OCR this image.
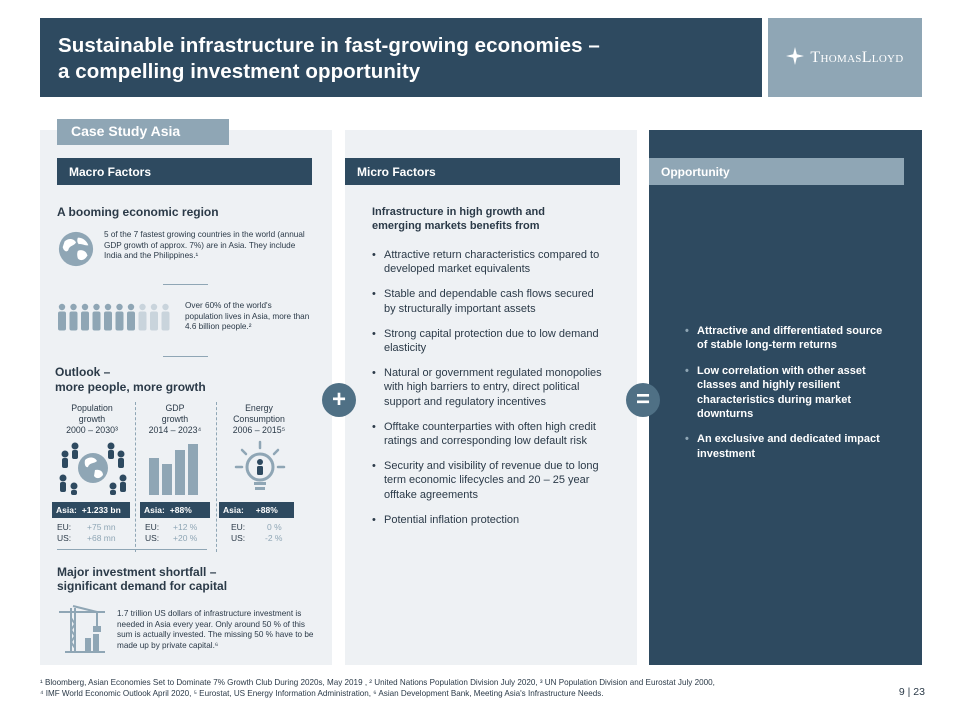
Sustainable infrastructure in fast-growing economies –
a compelling investment opportunity
ThomasLloyd
Case Study Asia
Macro Factors	Micro Factors	Opportunity
A booming economic region
5 of the 7 fastest growing countries in the world (annual GDP growth of approx. 7%) are in Asia. They include India and the Philippines.¹
Over 60% of the world's population lives in Asia, more than 4.6 billion people.²
Outlook –
more people, more growth
Population
growth
2000 – 2030³
Asia: +1.233 bn
EU: +75 mn
US: +68 mn
GDP
growth
2014 – 2023⁴
Asia: +88%
EU: +12 %
US: +20 %
Energy
Consumption
2006 – 2015⁵
Asia: +88%
EU:	0 %
US: -2 %
Major investment shortfall –
significant demand for capital
1.7 trillion US dollars of infrastructure investment is needed in Asia every year. Only around 50 % of this sum is actually invested. The missing 50 % have to be made up by private capital.⁶
Infrastructure in high growth and emerging markets benefits from
• Attractive return characteristics compared to developed market equivalents
• Stable and dependable cash flows secured by structurally important assets
• Strong capital protection due to low demand elasticity
• Natural or government regulated monopolies with high barriers to entry, direct political support and regulatory incentives
• Offtake counterparties with often high credit ratings and corresponding low default risk
• Security and visibility of revenue due to long term economic lifecycles and 20 – 25 year offtake agreements
• Potential inflation protection
+	=
• Attractive and differentiated source of stable long-term returns
• Low correlation with other asset classes and highly resilient characteristics during market downturns
• An exclusive and dedicated impact investment
¹ Bloomberg, Asian Economies Set to Dominate 7% Growth Club During 2020s, May 2019 , ² United Nations Population Division July 2020, ³ UN Population Division and Eurostat July 2000,
⁴ IMF World Economic Outlook April 2020, ⁵ Eurostat, US Energy Information Administration, ⁶ Asian Development Bank, Meeting Asia's Infrastructure Needs.	9 | 23
